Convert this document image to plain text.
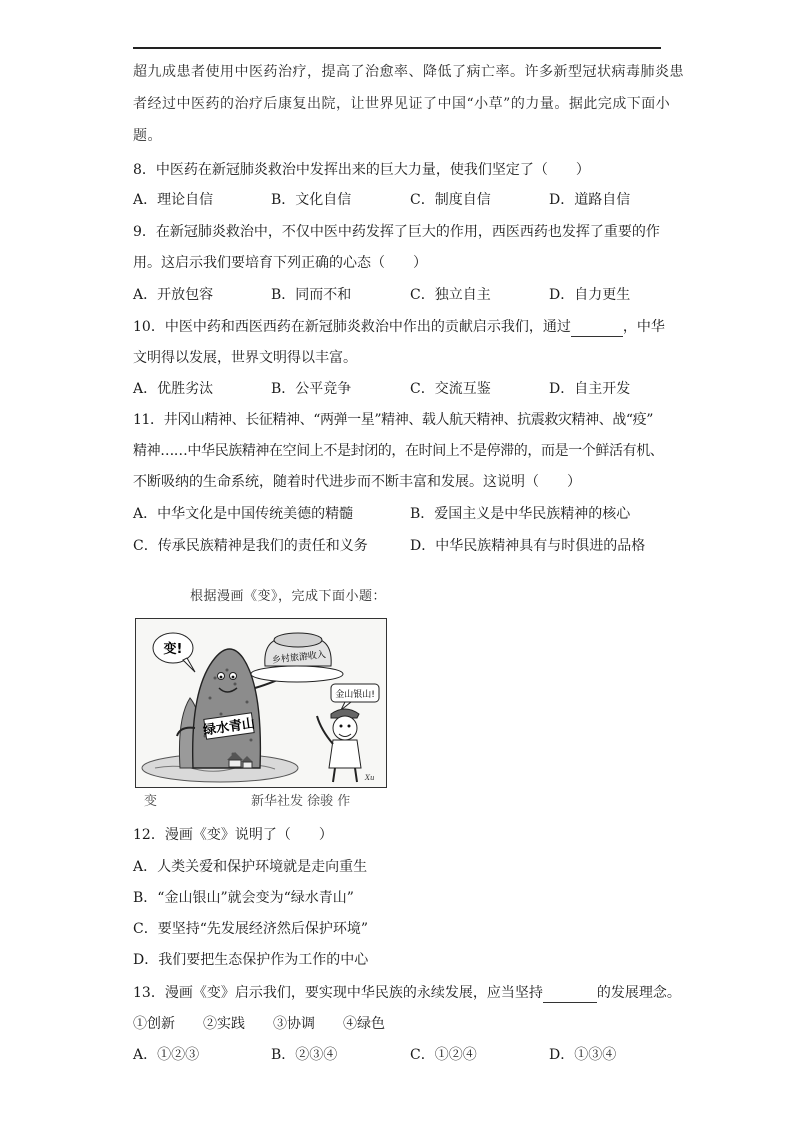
超九成患者使用中医药治疗，提高了治愈率、降低了病亡率。许多新型冠状病毒肺炎患
者经过中医药的治疗后康复出院，让世界见证了中国“小草”的力量。据此完成下面小
题。
8．中医药在新冠肺炎救治中发挥出来的巨大力量，使我们坚定了（　　）
A．理论自信	B．文化自信	C．制度自信	D．道路自信
9．在新冠肺炎救治中，不仅中医中药发挥了巨大的作用，西医西药也发挥了重要的作
用。这启示我们要培育下列正确的心态（　　）
A．开放包容	B．同而不和	C．独立自主	D．自力更生
10．中医中药和西医西药在新冠肺炎救治中作出的贡献启示我们，通过	，中华
文明得以发展，世界文明得以丰富。
A．优胜劣汰	B．公平竞争	C．交流互鉴	D．自主开发
11．井冈山精神、长征精神、“两弹一星”精神、载人航天精神、抗震救灾精神、战“疫”
精神……中华民族精神在空间上不是封闭的，在时间上不是停滞的，而是一个鲜活有机、
不断吸纳的生命系统，随着时代进步而不断丰富和发展。这说明（　　）
A．中华文化是中国传统美德的精髓	B．爱国主义是中华民族精神的核心
C．传承民族精神是我们的责任和义务	D．中华民族精神具有与时俱进的品格
根据漫画《变》，完成下面小题：
绿水青山
乡村旅游收入
变!
金山银山!
Xu
变	新华社发 徐骏 作
12．漫画《变》说明了（　　）
A．人类关爱和保护环境就是走向重生
B．“金山银山”就会变为“绿水青山”
C．要坚持“先发展经济然后保护环境”
D．我们要把生态保护作为工作的中心
13．漫画《变》启示我们，要实现中华民族的永续发展，应当坚持	的发展理念。
①创新 ②实践 ③协调 ④绿色
A．①②③	B．②③④	C．①②④	D．①③④
